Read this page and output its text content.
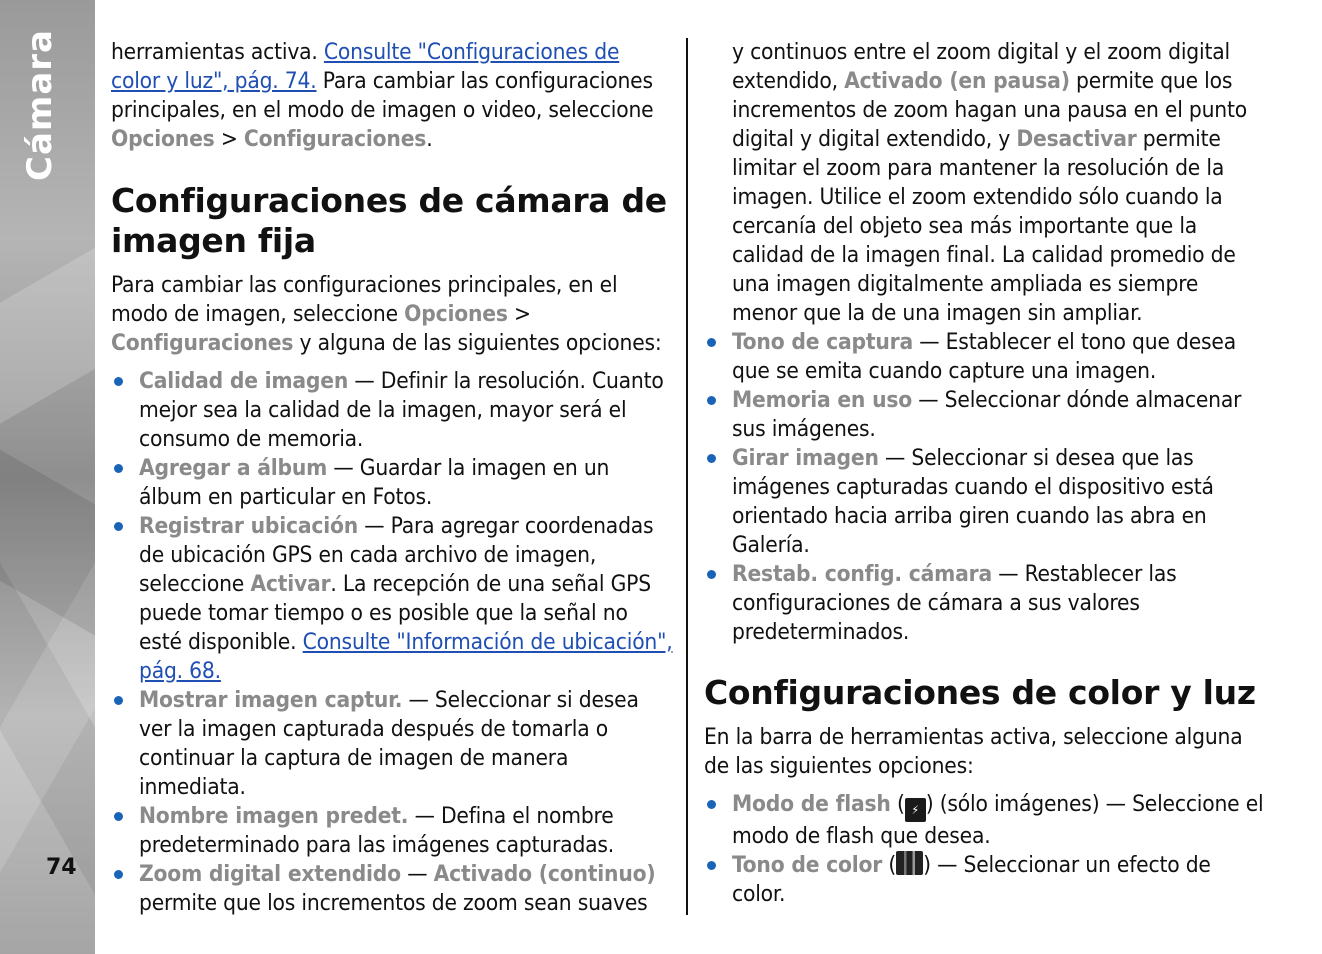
Cámara
74

herramientas activa. Consulte "Configuraciones de color y luz", pág. 74. Para cambiar las configuraciones principales, en el modo de imagen o video, seleccione Opciones > Configuraciones.

Configuraciones de cámara de imagen fija

Para cambiar las configuraciones principales, en el modo de imagen, seleccione Opciones > Configuraciones y alguna de las siguientes opciones:

Calidad de imagen — Definir la resolución. Cuanto mejor sea la calidad de la imagen, mayor será el consumo de memoria.
Agregar a álbum — Guardar la imagen en un álbum en particular en Fotos.
Registrar ubicación — Para agregar coordenadas de ubicación GPS en cada archivo de imagen, seleccione Activar. La recepción de una señal GPS puede tomar tiempo o es posible que la señal no esté disponible. Consulte "Información de ubicación", pág. 68.
Mostrar imagen captur. — Seleccionar si desea ver la imagen capturada después de tomarla o continuar la captura de imagen de manera inmediata.
Nombre imagen predet. — Defina el nombre predeterminado para las imágenes capturadas.
Zoom digital extendido — Activado (continuo) permite que los incrementos de zoom sean suaves
y continuos entre el zoom digital y el zoom digital extendido, Activado (en pausa) permite que los incrementos de zoom hagan una pausa en el punto digital y digital extendido, y Desactivar permite limitar el zoom para mantener la resolución de la imagen. Utilice el zoom extendido sólo cuando la cercanía del objeto sea más importante que la calidad de la imagen final. La calidad promedio de una imagen digitalmente ampliada es siempre menor que la de una imagen sin ampliar.
Tono de captura — Establecer el tono que desea que se emita cuando capture una imagen.
Memoria en uso — Seleccionar dónde almacenar sus imágenes.
Girar imagen — Seleccionar si desea que las imágenes capturadas cuando el dispositivo está orientado hacia arriba giren cuando las abra en Galería.
Restab. config. cámara — Restablecer las configuraciones de cámara a sus valores predeterminados.
Configuraciones de color y luz

En la barra de herramientas activa, seleccione alguna de las siguientes opciones:

Modo de flash ( ⚡ ) (sólo imágenes) — Seleccione el modo de flash que desea.
Tono de color ( ) — Seleccionar un efecto de color.
